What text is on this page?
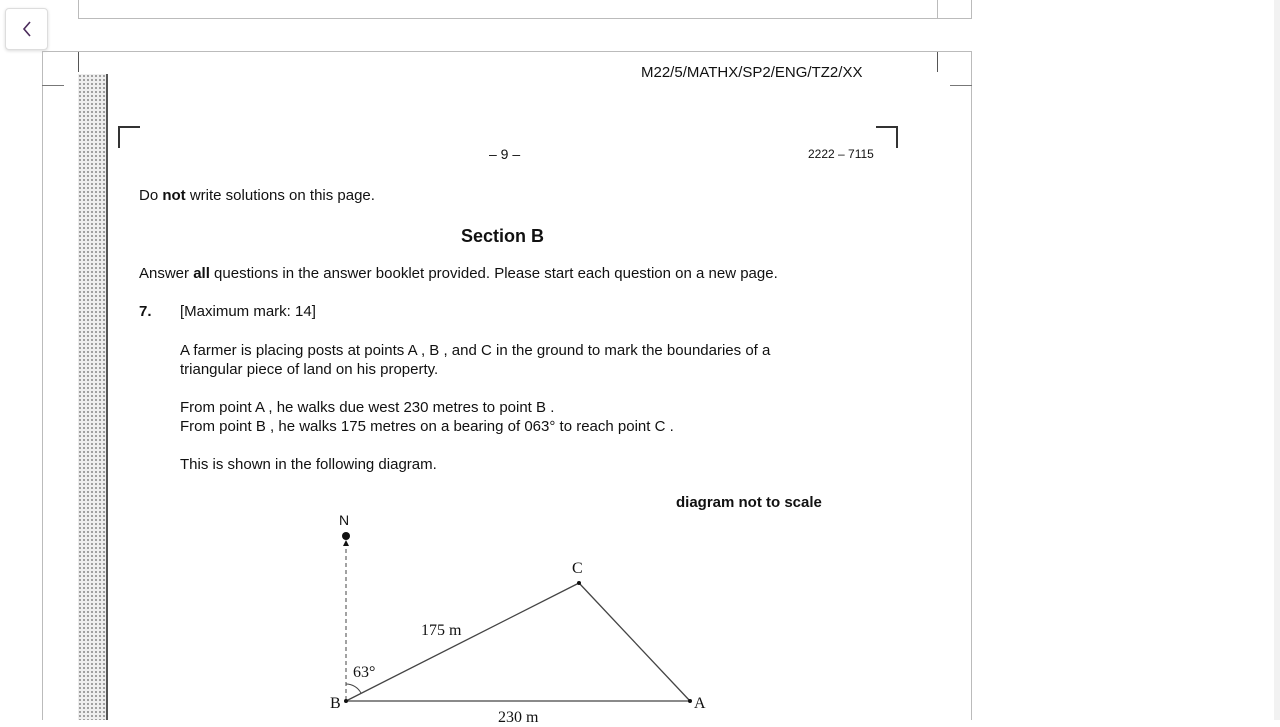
M22/5/MATHX/SP2/ENG/TZ2/XX
– 9 –	2222 – 7115
Do not write solutions on this page.
Section B
Answer all questions in the answer booklet provided. Please start each question on a new page.
7. [Maximum mark: 14]
A farmer is placing posts at points A , B , and C in the ground to mark the boundaries of a
triangular piece of land on his property.
From point A , he walks due west 230 metres to point B .
From point B , he walks 175 metres on a bearing of 063° to reach point C .
This is shown in the following diagram.
diagram not to scale
N
C
B	A
175 m
63°
230 m
